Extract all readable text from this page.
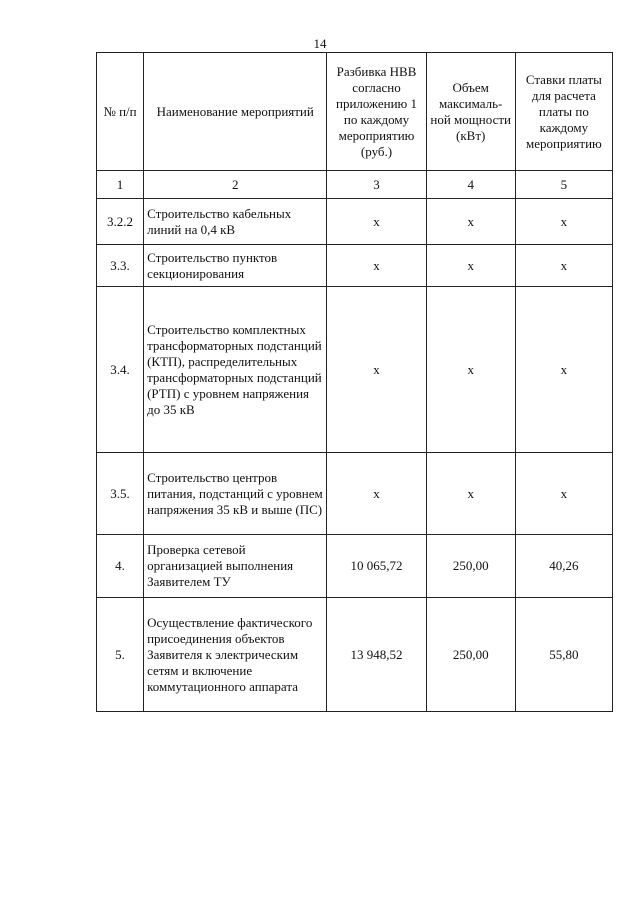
14
№ п/п	Наименование мероприятий	Разбивка НВВ согласно приложению 1 по каждому мероприятию (руб.)	Объем максималь-ной мощности (кВт)	Ставки платы для расчета платы по каждому мероприятию
1	2	3	4	5
3.2.2	Строительство кабельных линий на 0,4 кВ	x	x	x
3.3.	Строительство пунктов секционирования	x	x	x
3.4.	Строительство комплектных трансформаторных подстанций (КТП), распределительных трансформаторных подстанций (РТП) с уровнем напряжения до 35 кВ	x	x	x
3.5.	Строительство центров питания, подстанций с уровнем напряжения 35 кВ и выше (ПС)	x	x	x
4.	Проверка сетевой организацией выполнения Заявителем ТУ	10 065,72	250,00	40,26
5.	Осуществление фактического присоединения объектов Заявителя к электрическим сетям и включение коммутационного аппарата	13 948,52	250,00	55,80
